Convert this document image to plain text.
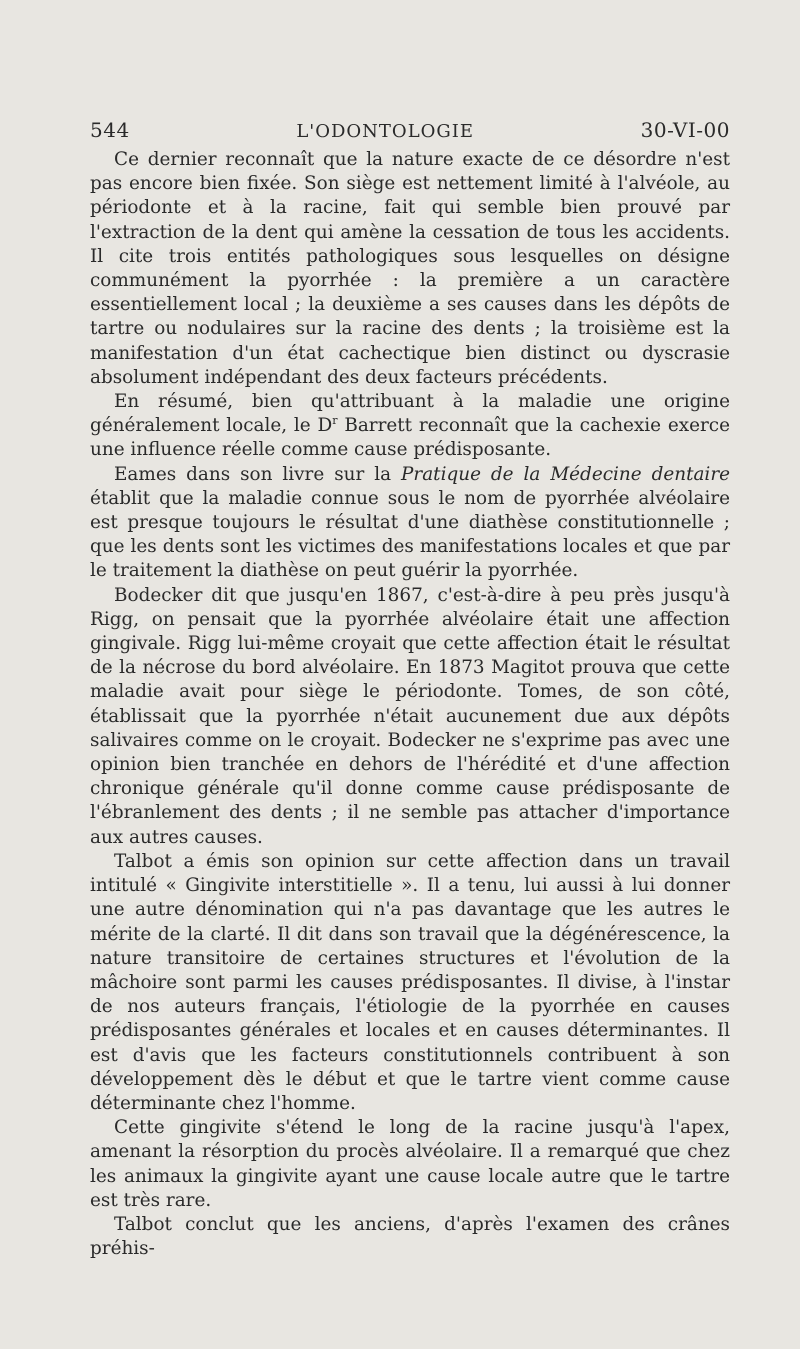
544	L'ODONTOLOGIE	30-VI-00

Ce dernier reconnaît que la nature exacte de ce désordre n'est pas encore bien fixée. Son siège est nettement limité à l'alvéole, au périodonte et à la racine, fait qui semble bien prouvé par l'extraction de la dent qui amène la cessation de tous les accidents. Il cite trois entités pathologiques sous lesquelles on désigne communément la pyorrhée : la première a un caractère essentiellement local ; la deuxième a ses causes dans les dépôts de tartre ou nodulaires sur la racine des dents ; la troisième est la manifestation d'un état cachectique bien distinct ou dyscrasie absolument indépendant des deux facteurs précédents.

En résumé, bien qu'attribuant à la maladie une origine généralement locale, le $D^r$ Barrett reconnaît que la cachexie exerce une influence réelle comme cause prédisposante.

Eames dans son livre sur la Pratique de la Médecine dentaire établit que la maladie connue sous le nom de pyorrhée alvéolaire est presque toujours le résultat d'une diathèse constitutionnelle ; que les dents sont les victimes des manifestations locales et que par le traitement la diathèse on peut guérir la pyorrhée.

Bodecker dit que jusqu'en 1867, c'est-à-dire à peu près jusqu'à Rigg, on pensait que la pyorrhée alvéolaire était une affection gingivale. Rigg lui-même croyait que cette affection était le résultat de la nécrose du bord alvéolaire. En 1873 Magitot prouva que cette maladie avait pour siège le périodonte. Tomes, de son côté, établissait que la pyorrhée n'était aucunement due aux dépôts salivaires comme on le croyait. Bodecker ne s'exprime pas avec une opinion bien tranchée en dehors de l'hérédité et d'une affection chronique générale qu'il donne comme cause prédisposante de l'ébranlement des dents ; il ne semble pas attacher d'importance aux autres causes.

Talbot a émis son opinion sur cette affection dans un travail intitulé « Gingivite interstitielle ». Il a tenu, lui aussi à lui donner une autre dénomination qui n'a pas davantage que les autres le mérite de la clarté. Il dit dans son travail que la dégénérescence, la nature transitoire de certaines structures et l'évolution de la mâchoire sont parmi les causes prédisposantes. Il divise, à l'instar de nos auteurs français, l'étiologie de la pyorrhée en causes prédisposantes générales et locales et en causes déterminantes. Il est d'avis que les facteurs constitutionnels contribuent à son développement dès le début et que le tartre vient comme cause déterminante chez l'homme.

Cette gingivite s'étend le long de la racine jusqu'à l'apex, amenant la résorption du procès alvéolaire. Il a remarqué que chez les animaux la gingivite ayant une cause locale autre que le tartre est très rare.

Talbot conclut que les anciens, d'après l'examen des crânes préhis-
